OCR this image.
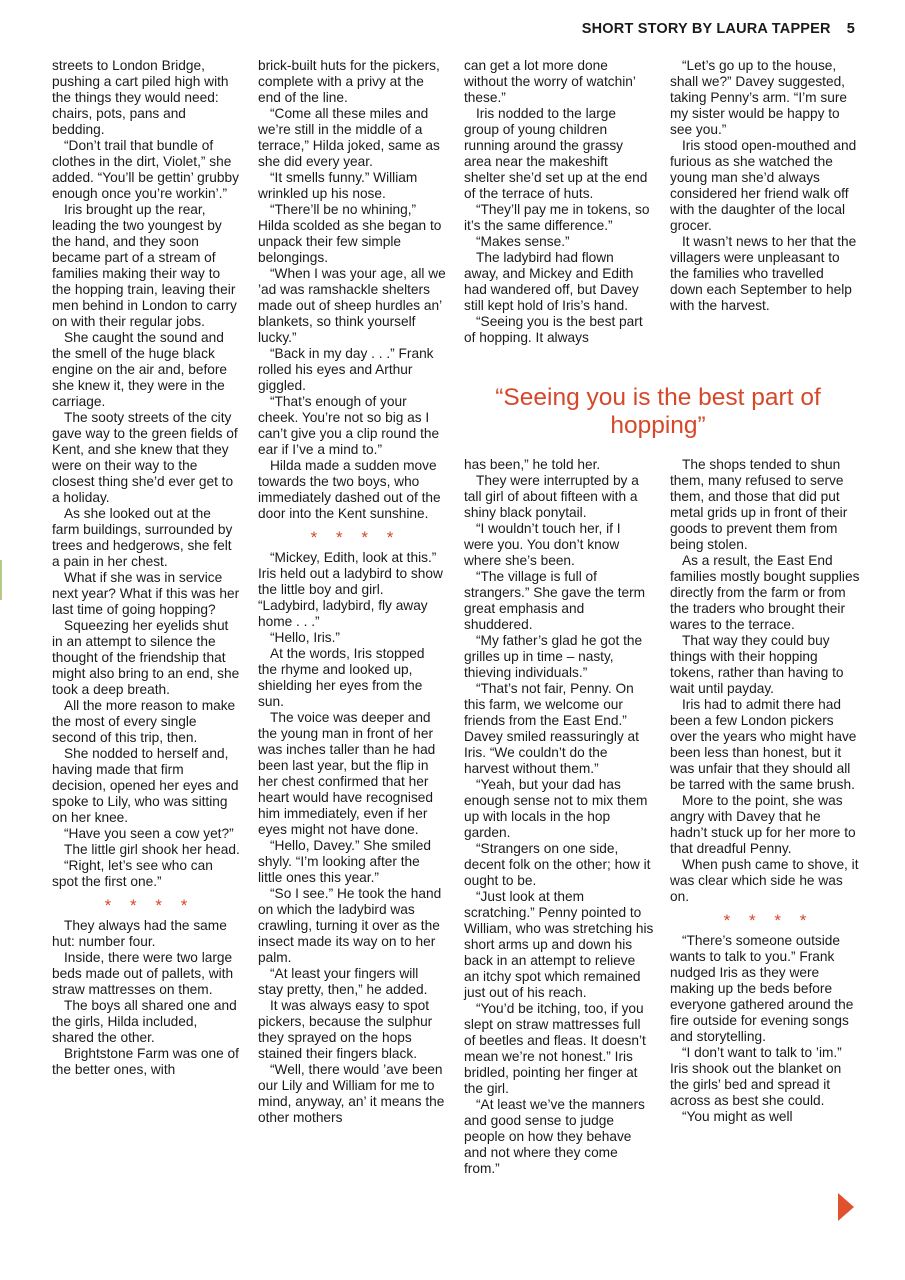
SHORT STORY BY LAURA TAPPER 5

streets to London Bridge, pushing a cart piled high with the things they would need: chairs, pots, pans and bedding.

“Don’t trail that bundle of clothes in the dirt, Violet,” she added. “You’ll be gettin’ grubby enough once you’re workin’.”

Iris brought up the rear, leading the two youngest by the hand, and they soon became part of a stream of families making their way to the hopping train, leaving their men behind in London to carry on with their regular jobs.

She caught the sound and the smell of the huge black engine on the air and, before she knew it, they were in the carriage.

The sooty streets of the city gave way to the green fields of Kent, and she knew that they were on their way to the closest thing she’d ever get to a holiday.

As she looked out at the farm buildings, surrounded by trees and hedgerows, she felt a pain in her chest.

What if she was in service next year? What if this was her last time of going hopping?

Squeezing her eyelids shut in an attempt to silence the thought of the friendship that might also bring to an end, she took a deep breath.

All the more reason to make the most of every single second of this trip, then.

She nodded to herself and, having made that firm decision, opened her eyes and spoke to Lily, who was sitting on her knee.

“Have you seen a cow yet?”

The little girl shook her head.

“Right, let’s see who can spot the first one.”

* * * *

They always had the same hut: number four.

Inside, there were two large beds made out of pallets, with straw mattresses on them.

The boys all shared one and the girls, Hilda included, shared the other.

Brightstone Farm was one of the better ones, with

brick-built huts for the pickers, complete with a privy at the end of the line.

“Come all these miles and we’re still in the middle of a terrace,” Hilda joked, same as she did every year.

“It smells funny.” William wrinkled up his nose.

“There’ll be no whining,” Hilda scolded as she began to unpack their few simple belongings.

“When I was your age, all we ’ad was ramshackle shelters made out of sheep hurdles an’ blankets, so think yourself lucky.”

“Back in my day . . .” Frank rolled his eyes and Arthur giggled.

“That’s enough of your cheek. You’re not so big as I can’t give you a clip round the ear if I’ve a mind to.”

Hilda made a sudden move towards the two boys, who immediately dashed out of the door into the Kent sunshine.

* * * *

“Mickey, Edith, look at this.” Iris held out a ladybird to show the little boy and girl. “Ladybird, ladybird, fly away home . . .”

“Hello, Iris.”

At the words, Iris stopped the rhyme and looked up, shielding her eyes from the sun.

The voice was deeper and the young man in front of her was inches taller than he had been last year, but the flip in her chest confirmed that her heart would have recognised him immediately, even if her eyes might not have done.

“Hello, Davey.” She smiled shyly. “I’m looking after the little ones this year.”

“So I see.” He took the hand on which the ladybird was crawling, turning it over as the insect made its way on to her palm.

“At least your fingers will stay pretty, then,” he added.

It was always easy to spot pickers, because the sulphur they sprayed on the hops stained their fingers black.

“Well, there would ’ave been our Lily and William for me to mind, anyway, an’ it means the other mothers

can get a lot more done without the worry of watchin’ these.”

Iris nodded to the large group of young children running around the grassy area near the makeshift shelter she’d set up at the end of the terrace of huts.

“They’ll pay me in tokens, so it’s the same difference.”

“Makes sense.”

The ladybird had flown away, and Mickey and Edith had wandered off, but Davey still kept hold of Iris’s hand.

“Seeing you is the best part of hopping. It always

“Let’s go up to the house, shall we?” Davey suggested, taking Penny’s arm. “I’m sure my sister would be happy to see you.”

Iris stood open-mouthed and furious as she watched the young man she’d always considered her friend walk off with the daughter of the local grocer.

It wasn’t news to her that the villagers were unpleasant to the families who travelled down each September to help with the harvest.

“Seeing you is the best part of hopping”

has been,” he told her.

They were interrupted by a tall girl of about fifteen with a shiny black ponytail.

“I wouldn’t touch her, if I were you. You don’t know where she’s been.

“The village is full of strangers.” She gave the term great emphasis and shuddered.

“My father’s glad he got the grilles up in time – nasty, thieving individuals.”

“That’s not fair, Penny. On this farm, we welcome our friends from the East End.” Davey smiled reassuringly at Iris. “We couldn’t do the harvest without them.”

“Yeah, but your dad has enough sense not to mix them up with locals in the hop garden.

“Strangers on one side, decent folk on the other; how it ought to be.

“Just look at them scratching.” Penny pointed to William, who was stretching his short arms up and down his back in an attempt to relieve an itchy spot which remained just out of his reach.

“You’d be itching, too, if you slept on straw mattresses full of beetles and fleas. It doesn’t mean we’re not honest.” Iris bridled, pointing her finger at the girl.

“At least we’ve the manners and good sense to judge people on how they behave and not where they come from.”

The shops tended to shun them, many refused to serve them, and those that did put metal grids up in front of their goods to prevent them from being stolen.

As a result, the East End families mostly bought supplies directly from the farm or from the traders who brought their wares to the terrace.

That way they could buy things with their hopping tokens, rather than having to wait until payday.

Iris had to admit there had been a few London pickers over the years who might have been less than honest, but it was unfair that they should all be tarred with the same brush.

More to the point, she was angry with Davey that he hadn’t stuck up for her more to that dreadful Penny.

When push came to shove, it was clear which side he was on.

* * * *

“There’s someone outside wants to talk to you.” Frank nudged Iris as they were making up the beds before everyone gathered around the fire outside for evening songs and storytelling.

“I don’t want to talk to ’im.” Iris shook out the blanket on the girls’ bed and spread it across as best she could.

“You might as well
